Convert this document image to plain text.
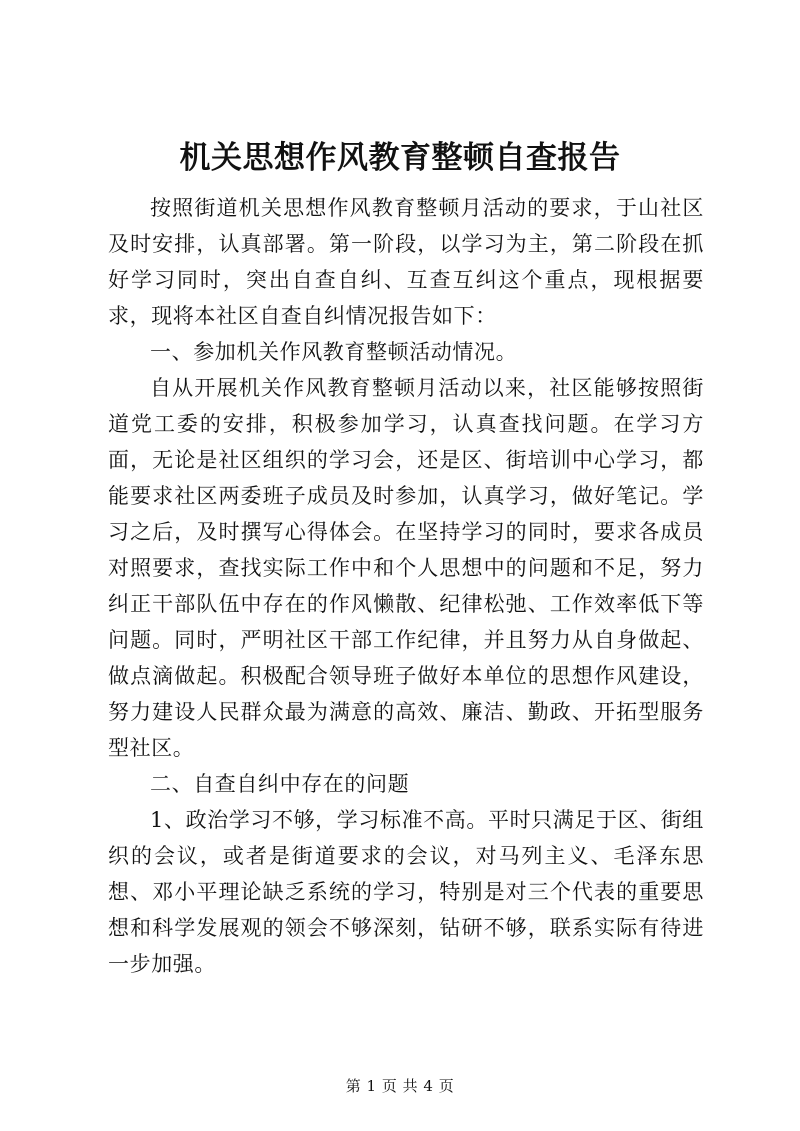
机关思想作风教育整顿自查报告

按照街道机关思想作风教育整顿月活动的要求，于山社区及时安排，认真部署。第一阶段，以学习为主，第二阶段在抓好学习同时，突出自查自纠、互查互纠这个重点，现根据要求，现将本社区自查自纠情况报告如下：

一、参加机关作风教育整顿活动情况。

自从开展机关作风教育整顿月活动以来，社区能够按照街道党工委的安排，积极参加学习，认真查找问题。在学习方面，无论是社区组织的学习会，还是区、街培训中心学习，都能要求社区两委班子成员及时参加，认真学习，做好笔记。学习之后，及时撰写心得体会。在坚持学习的同时，要求各成员对照要求，查找实际工作中和个人思想中的问题和不足，努力纠正干部队伍中存在的作风懒散、纪律松弛、工作效率低下等问题。同时，严明社区干部工作纪律，并且努力从自身做起、做点滴做起。积极配合领导班子做好本单位的思想作风建设，努力建设人民群众最为满意的高效、廉洁、勤政、开拓型服务型社区。

二、自查自纠中存在的问题

1、政治学习不够，学习标准不高。平时只满足于区、街组织的会议，或者是街道要求的会议，对马列主义、毛泽东思想、邓小平理论缺乏系统的学习，特别是对三个代表的重要思想和科学发展观的领会不够深刻，钻研不够，联系实际有待进一步加强。

第 1 页 共 4 页
